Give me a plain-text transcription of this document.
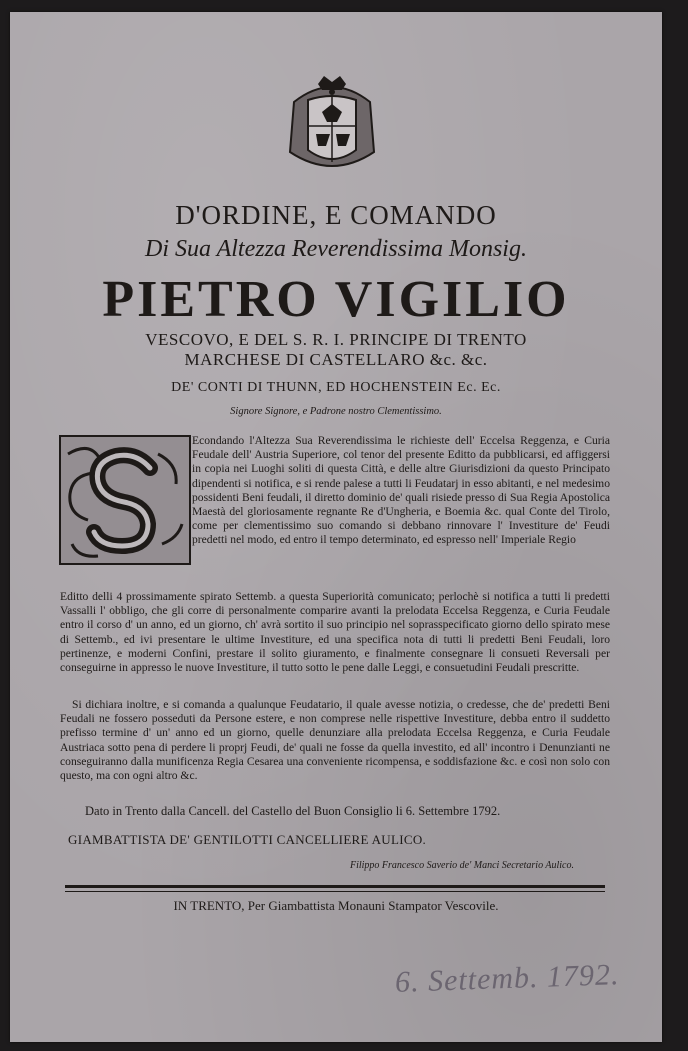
D'ORDINE, E COMANDO
Di Sua Altezza Reverendissima Monsig.
PIETRO VIGILIO
VESCOVO, E DEL S. R. I. PRINCIPE DI TRENTO
MARCHESE DI CASTELLARO &c. &c.
DE' CONTI DI THUNN, ED HOCHENSTEIN Ec. Ec.
Signore Signore, e Padrone nostro Clementissimo.
Econdando l'Altezza Sua Reverendissima le richieste dell' Eccelsa Reggenza, e Curia Feudale dell' Austria Superiore, col tenor del presente Editto da pubblicarsi, ed affiggersi in copia nei Luoghi soliti di questa Città, e delle altre Giurisdizioni da questo Principato dipendenti si notifica, e si rende palese a tutti li Feudatarj in esso abitanti, e nel medesimo possidenti Beni feudali, il diretto dominio de' quali risiede presso di Sua Regia Apostolica Maestà del gloriosamente regnante Re d'Ungheria, e Boemia &c. qual Conte del Tirolo, come per clementissimo suo comando si debbano rinnovare l' Investiture de' Feudi predetti nel modo, ed entro il tempo determinato, ed espresso nell' Imperiale Regio
Editto delli 4 prossimamente spirato Settemb. a questa Superiorità comunicato; perlochè si notifica a tutti li predetti Vassalli l' obbligo, che gli corre di personalmente comparire avanti la prelodata Eccelsa Reggenza, e Curia Feudale entro il corso d' un anno, ed un giorno, ch' avrà sortito il suo principio nel soprasspecificato giorno dello spirato mese di Settemb., ed ivi presentare le ultime Investiture, ed una specifica nota di tutti li predetti Beni Feudali, loro pertinenze, e moderni Confini, prestare il solito giuramento, e finalmente consegnare li consueti Reversali per conseguirne in appresso le nuove Investiture, il tutto sotto le pene dalle Leggi, e consuetudini Feudali prescritte.
Si dichiara inoltre, e si comanda a qualunque Feudatario, il quale avesse notizia, o credesse, che de' predetti Beni Feudali ne fossero posseduti da Persone estere, e non comprese nelle rispettive Investiture, debba entro il suddetto prefisso termine d' un' anno ed un giorno, quelle denunziare alla prelodata Eccelsa Reggenza, e Curia Feudale Austriaca sotto pena di perdere li proprj Feudi, de' quali ne fosse da quella investito, ed all' incontro i Denunzianti ne conseguiranno dalla munificenza Regia Cesarea una conveniente ricompensa, e soddisfazione &c. e così non solo con questo, ma con ogni altro &c.
Dato in Trento dalla Cancell. del Castello del Buon Consiglio li 6. Settembre 1792.
GIAMBATTISTA DE' GENTILOTTI CANCELLIERE AULICO.
Filippo Francesco Saverio de' Manci Secretario Aulico.
IN TRENTO, Per Giambattista Monauni Stampator Vescovile.
6. Settemb. 1792.
